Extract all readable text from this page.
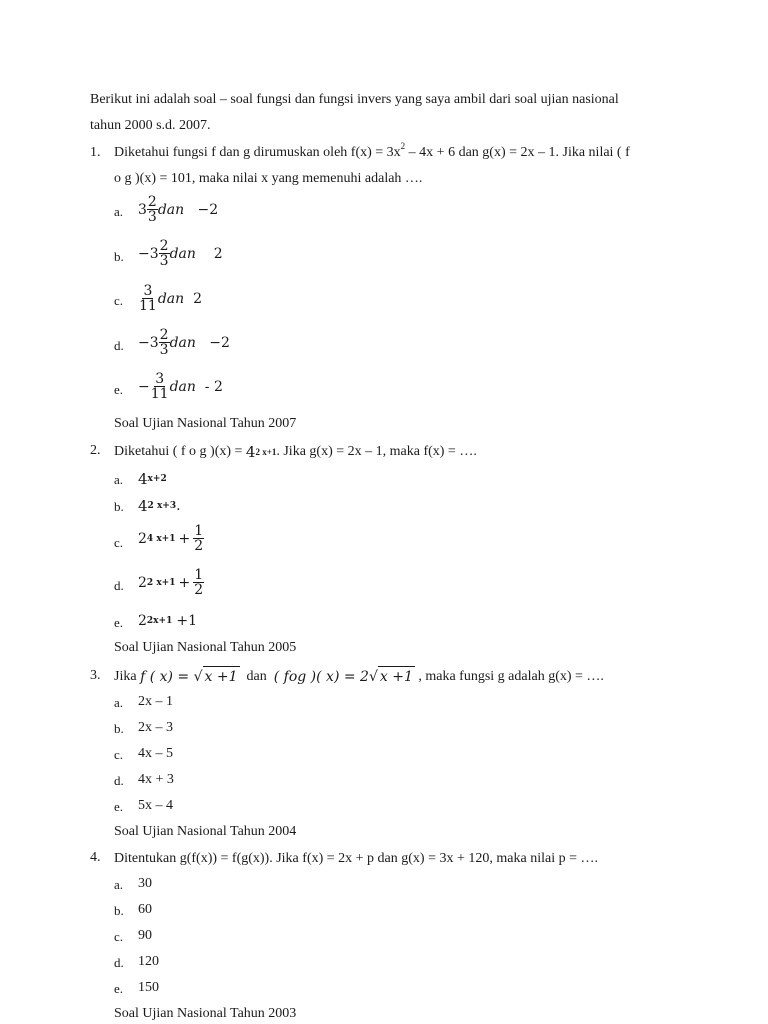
Berikut ini adalah soal – soal fungsi dan fungsi invers yang saya ambil dari soal ujian nasional
tahun 2000 s.d. 2007.
1. Diketahui fungsi f dan g dirumuskan oleh $f(x) = 3x^2 - 4x + 6$ dan g(x) = 2x – 1. Jika nilai ( f
o g )(x) = 101, maka nilai x yang memenuhi adalah ….
a. $3 \frac{2}{3}$ dan
−2
b. − $3 \frac{2}{3}$ dan
2
c. $\frac{3}{11}$ dan
2
d. − $3 \frac{2}{3}$ dan
−2
e. − $\frac{3}{11}$ dan
- 2
Soal Ujian Nasional Tahun 2007
2. Diketahui ( f o g )(x) = 4 2 x+1 . Jika g(x) = 2x – 1, maka f(x) = ….
a. 4 x+2
b. 4 2 x+3 .
c. 2 4 $x+1 + \frac{1}{2}$
d. 2 2 $x+1 + \frac{1}{2}$
e. 2 2x+1 +1
Soal Ujian Nasional Tahun 2005
3. Jika f ( x) = √ x +1 dan ( fog )( x) = 2 √ x +1 , maka fungsi g adalah g(x) = ….
a. 2x – 1
b. 2x – 3
c. 4x – 5
d. 4x + 3
e. 5x – 4
Soal Ujian Nasional Tahun 2004
4. Ditentukan g(f(x)) = f(g(x)). Jika f(x) = 2x + p dan g(x) = 3x + 120, maka nilai p = ….
a. 30
b. 60
c. 90
d. 120
e. 150
Soal Ujian Nasional Tahun 2003
